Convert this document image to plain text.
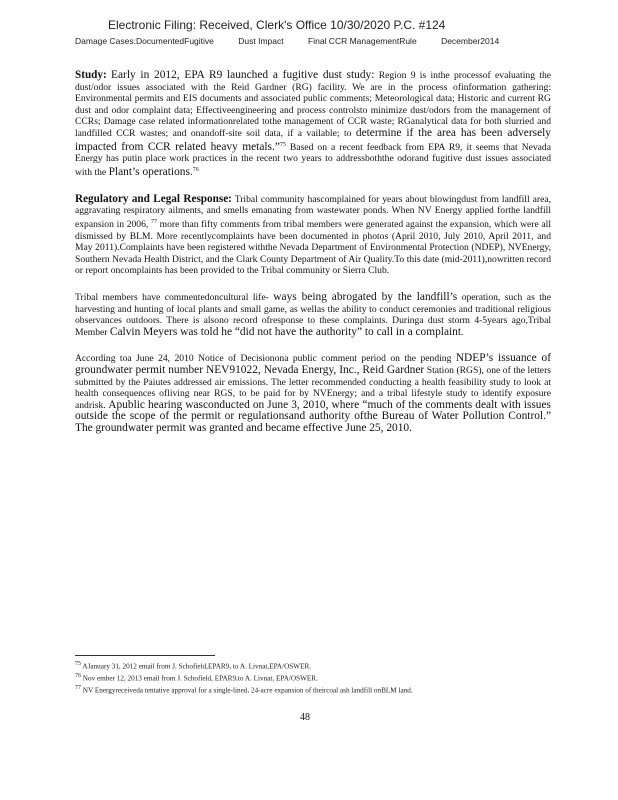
Electronic Filing: Received, Clerk's Office 10/30/2020 P.C. #124
Damage Cases:DocumentedFugitive	Dust Impact	Final CCR ManagementRule	December2014

Study: Early in 2012, EPA R9 launched a fugitive dust study: Region 9 is inthe processof evaluating the dust/odor issues associated with the Reid Gardner (RG) facility. We are in the process ofinformation gathering: Environmental permits and EIS documents and associated public comments; Meteorological data; Historic and current RG dust and odor complaint data; Effectiveengineering and process controlsto minimize dust/odors from the management of CCRs; Damage case related informationrelated tothe management of CCR waste; RGanalytical data for both slurried and landfilled CCR wastes; and onandoff-site soil data, if a vailable; to determine if the area has been adversely impacted from CCR related heavy metals.”$^{75}$ Based on a recent feedback from EPA R9, it seems that Nevada Energy has putin place work practices in the recent two years to addressboththe odorand fugitive dust issues associated with the Plant’s operations.$^{76}$

Regulatory and Legal Response: Tribal community hascomplained for years about blowingdust from landfill area, aggravating respiratory ailments, and smells emanating from wastewater ponds. When NV Energy applied forthe landfill expansion in 2006, $^{77}$ more than fifty comments from tribal members were generated against the expansion, which were all dismissed by BLM. More recentlycomplaints have been documented in photos (April 2010, July 2010, April 2011, and May 2011).Complaints have been registered withthe Nevada Department of Environmental Protection (NDEP), NVEnergy, Southern Nevada Health District, and the Clark County Department of Air Quality.To this date (mid-2011),nowritten record or report oncomplaints has been provided to the Tribal community or Sierra Club.

Tribal members have commentedoncultural life- ways being abrogated by the landfill’s operation, such as the harvesting and hunting of local plants and small game, as wellas the ability to conduct ceremonies and traditional religious observances outdoors. There is alsono record ofresponse to these complaints. Duringa dust storm 4-5years ago,Tribal Member Calvin Meyers was told he “did not have the authority” to call in a complaint.

According toa June 24, 2010 Notice of Decisionona public comment period on the pending NDEP’s issuance of groundwater permit number NEV91022, Nevada Energy, Inc., Reid Gardner Station (RGS), one of the letters submitted by the Paiutes addressed air emissions. The letter recommended conducting a health feasibility study to look at health consequences ofliving near RGS, to be paid for by NVEnergy; and a tribal lifestyle study to identify exposure andrisk. Apublic hearing wasconducted on June 3, 2010, where “much of the comments dealt with issues outside the scope of the permit or regulationsand authority ofthe Bureau of Water Pollution Control.” The groundwater permit was granted and became effective June 25, 2010.

$^{75}$ AJanuary 31, 2012 email from J. Schofield,EPAR9, to A. Livnat,EPA/OSWER.
$^{76}$ Nov ember 12, 2013 email from J. Schofield, EPAR9,to A. Livnat, EPA/OSWER.
$^{77}$ NV Energyreceiveda tentative approval for a single-lined, 24-acre expansion of theircoal ash landfill onBLM land.
48
